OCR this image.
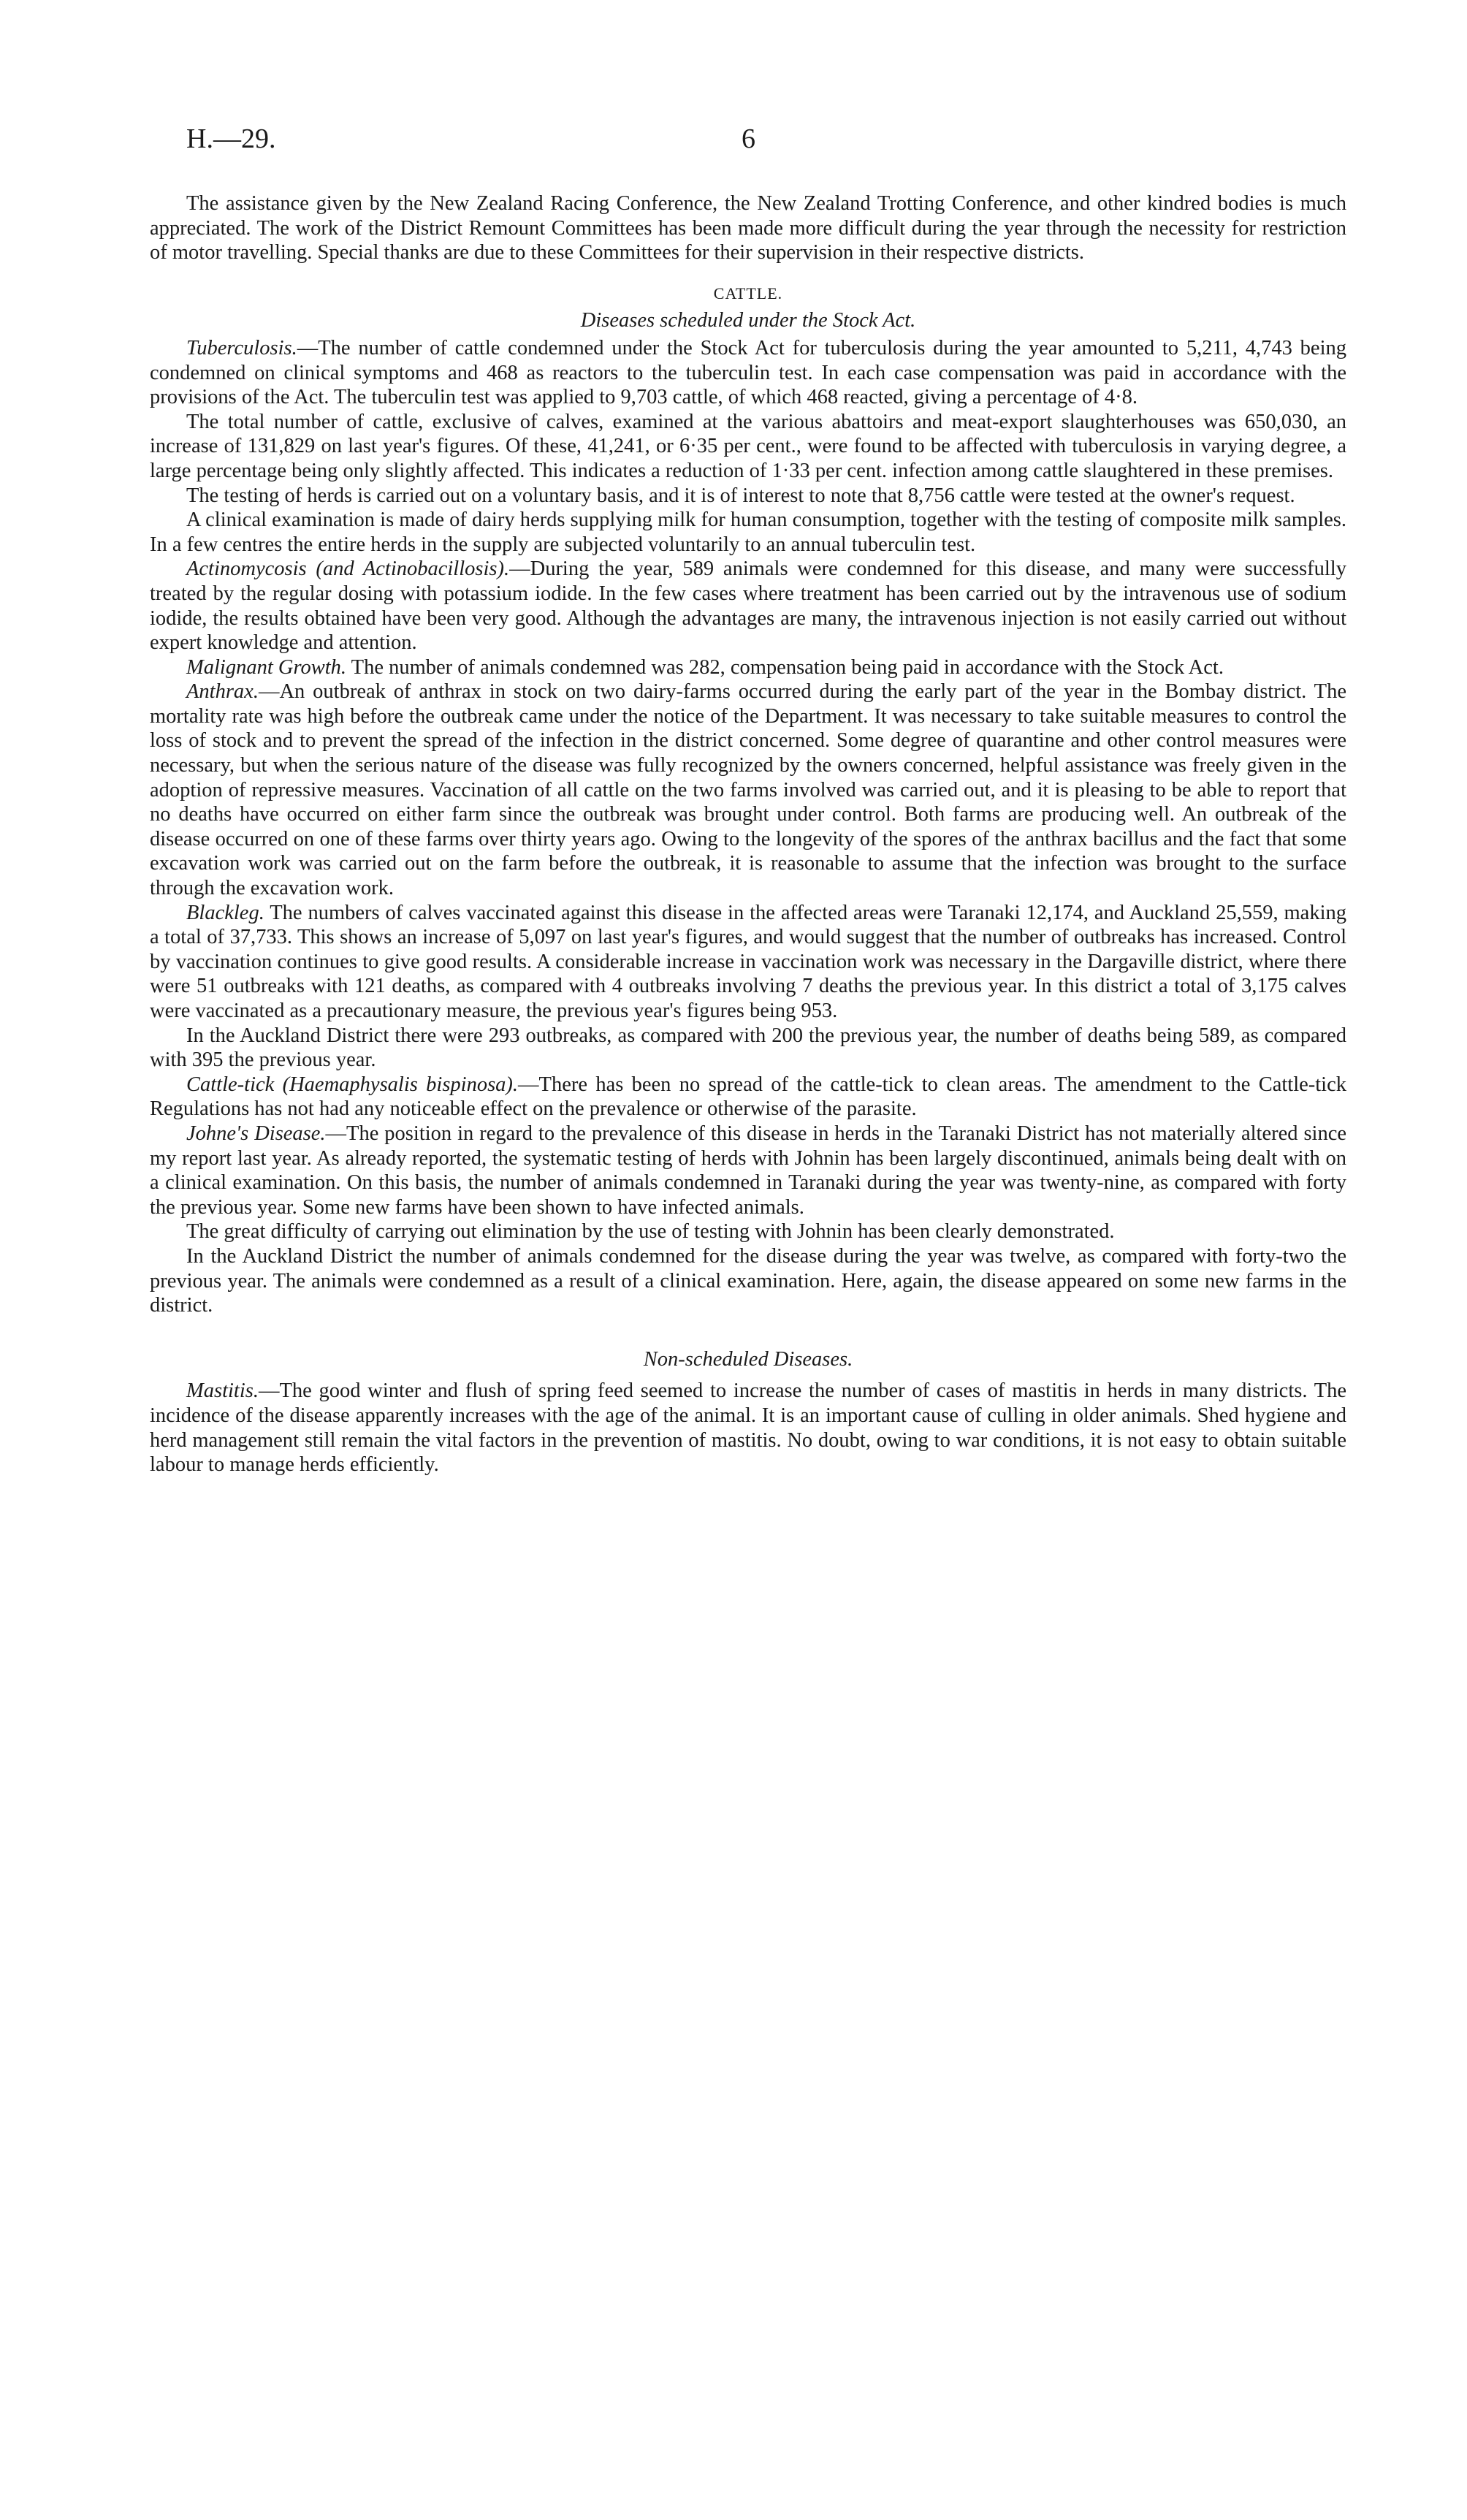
H.—29.	6

The assistance given by the New Zealand Racing Conference, the New Zealand Trotting Conference, and other kindred bodies is much appreciated. The work of the District Remount Committees has been made more difficult during the year through the necessity for restriction of motor travelling. Special thanks are due to these Committees for their supervision in their respective districts.

CATTLE.
Diseases scheduled under the Stock Act.

Tuberculosis.—The number of cattle condemned under the Stock Act for tuberculosis during the year amounted to 5,211, 4,743 being condemned on clinical symptoms and 468 as reactors to the tuberculin test. In each case compensation was paid in accordance with the provisions of the Act. The tuberculin test was applied to 9,703 cattle, of which 468 reacted, giving a percentage of 4·8.

The total number of cattle, exclusive of calves, examined at the various abattoirs and meat-export slaughterhouses was 650,030, an increase of 131,829 on last year's figures. Of these, 41,241, or 6·35 per cent., were found to be affected with tuberculosis in varying degree, a large percentage being only slightly affected. This indicates a reduction of 1·33 per cent. infection among cattle slaughtered in these premises.

The testing of herds is carried out on a voluntary basis, and it is of interest to note that 8,756 cattle were tested at the owner's request.

A clinical examination is made of dairy herds supplying milk for human consumption, together with the testing of composite milk samples. In a few centres the entire herds in the supply are subjected voluntarily to an annual tuberculin test.

Actinomycosis (and Actinobacillosis).—During the year, 589 animals were condemned for this disease, and many were successfully treated by the regular dosing with potassium iodide. In the few cases where treatment has been carried out by the intravenous use of sodium iodide, the results obtained have been very good. Although the advantages are many, the intravenous injection is not easily carried out without expert knowledge and attention.

Malignant Growth. The number of animals condemned was 282, compensation being paid in accordance with the Stock Act.

Anthrax.—An outbreak of anthrax in stock on two dairy-farms occurred during the early part of the year in the Bombay district. The mortality rate was high before the outbreak came under the notice of the Department. It was necessary to take suitable measures to control the loss of stock and to prevent the spread of the infection in the district concerned. Some degree of quarantine and other control measures were necessary, but when the serious nature of the disease was fully recognized by the owners concerned, helpful assistance was freely given in the adoption of repressive measures. Vaccination of all cattle on the two farms involved was carried out, and it is pleasing to be able to report that no deaths have occurred on either farm since the outbreak was brought under control. Both farms are producing well. An outbreak of the disease occurred on one of these farms over thirty years ago. Owing to the longevity of the spores of the anthrax bacillus and the fact that some excavation work was carried out on the farm before the outbreak, it is reasonable to assume that the infection was brought to the surface through the excavation work.

Blackleg. The numbers of calves vaccinated against this disease in the affected areas were Taranaki 12,174, and Auckland 25,559, making a total of 37,733. This shows an increase of 5,097 on last year's figures, and would suggest that the number of outbreaks has increased. Control by vaccination continues to give good results. A considerable increase in vaccination work was necessary in the Dargaville district, where there were 51 outbreaks with 121 deaths, as compared with 4 outbreaks involving 7 deaths the previous year. In this district a total of 3,175 calves were vaccinated as a precautionary measure, the previous year's figures being 953.

In the Auckland District there were 293 outbreaks, as compared with 200 the previous year, the number of deaths being 589, as compared with 395 the previous year.

Cattle-tick (Haemaphysalis bispinosa).—There has been no spread of the cattle-tick to clean areas. The amendment to the Cattle-tick Regulations has not had any noticeable effect on the prevalence or otherwise of the parasite.

Johne's Disease.—The position in regard to the prevalence of this disease in herds in the Taranaki District has not materially altered since my report last year. As already reported, the systematic testing of herds with Johnin has been largely discontinued, animals being dealt with on a clinical examination. On this basis, the number of animals condemned in Taranaki during the year was twenty-nine, as compared with forty the previous year. Some new farms have been shown to have infected animals.

The great difficulty of carrying out elimination by the use of testing with Johnin has been clearly demonstrated.

In the Auckland District the number of animals condemned for the disease during the year was twelve, as compared with forty-two the previous year. The animals were condemned as a result of a clinical examination. Here, again, the disease appeared on some new farms in the district.

Non-scheduled Diseases.

Mastitis.—The good winter and flush of spring feed seemed to increase the number of cases of mastitis in herds in many districts. The incidence of the disease apparently increases with the age of the animal. It is an important cause of culling in older animals. Shed hygiene and herd management still remain the vital factors in the prevention of mastitis. No doubt, owing to war conditions, it is not easy to obtain suitable labour to manage herds efficiently.
